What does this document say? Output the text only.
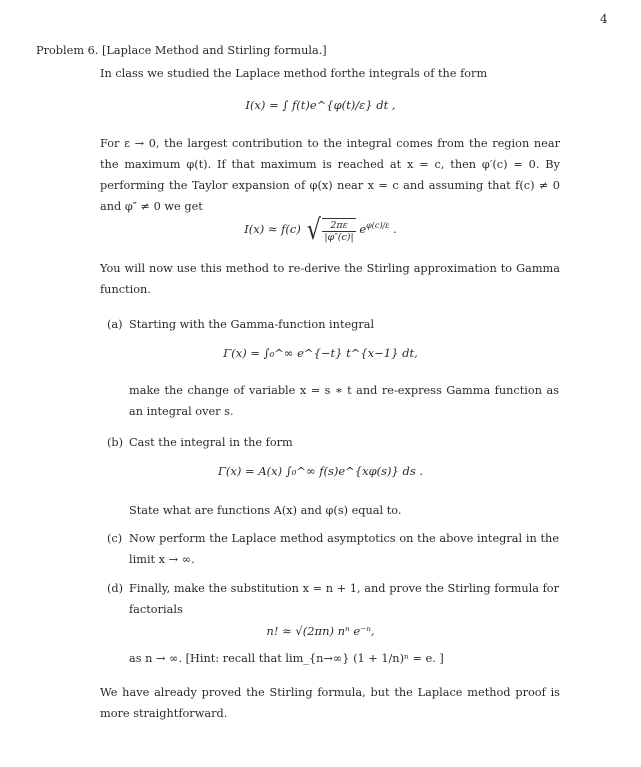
4
Problem 6. [Laplace Method and Stirling formula.]
In class we studied the Laplace method forthe integrals of the form
I(x) = ∫ f(t)e^{φ(t)/ε} dt ,
For ε → 0, the largest contribution to the integral comes from the region near the maximum φ(t). If that maximum is reached at x = c, then φ′(c) = 0. By performing the Taylor expansion of φ(x) near x = c and assuming that f(c) ≠ 0 and φ″ ≠ 0 we get
I(x) ≈ f(c) √ $\frac{2\pi\varepsilon}{|\varphi''(c)|} e^{\varphi(c)/\varepsilon}$ .
You will now use this method to re-derive the Stirling approximation to Gamma function.
(a) Starting with the Gamma-function integral
Γ(x) = ∫₀^∞ e^{−t} t^{x−1} dt,
make the change of variable x = s ∗ t and re-express Gamma function as an integral over s.
(b) Cast the integral in the form
Γ(x) = A(x) ∫₀^∞ f(s)e^{xφ(s)} ds .
State what are functions A(x) and φ(s) equal to.
(c) Now perform the Laplace method asymptotics on the above integral in the limit x → ∞.
(d) Finally, make the substitution x = n + 1, and prove the Stirling formula for factorials
n! ≈ √(2πn) nⁿ e⁻ⁿ,
as n → ∞. [Hint: recall that lim_{n→∞} (1 + 1/n)ⁿ = e. ]
We have already proved the Stirling formula, but the Laplace method proof is more straightforward.
